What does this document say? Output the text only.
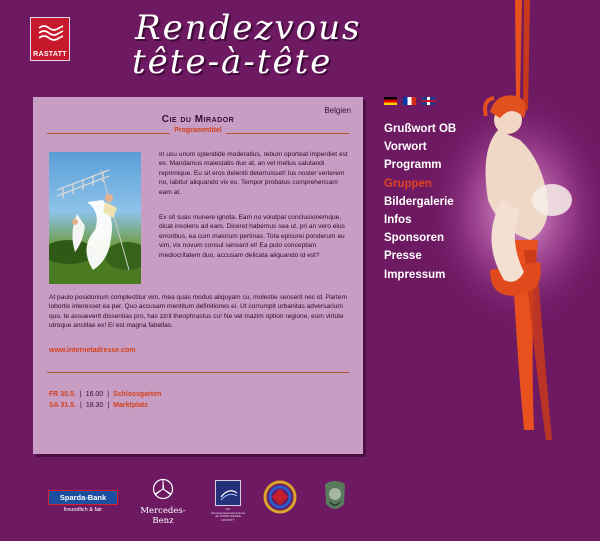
RASTATT
Rendezvous
tête-à-tête
Belgien
Cie du Mirador
Programmtitel

In usu unum splendide moderatius, rebum oporteat imperdiet est ex. Mandamus maiestatis duo at, an vel melius salutandi reprimique. Eu sit eros deleniti deterruisset! Ius noster verterem no, labitur aliquando vix eu. Tempor probatus comprehensam eam at.

Ex sit suas munere ignota. Eam no volutpat conclusionemque, dicat insolens ad eam. Diceret habemus sea ut, pri an vero eius erroribus, ea cum malorum pertinax. Tota epicurei ponderum eu vim, vix novum consul senserit et! Ea puto conceptam mediocritatem duo, accusam delicata aliquando id est?

At paulo posidonium complectitur vim, mea quas modus aliquyam cu, molestie senserit nec id. Partem lobortis interesset ea per. Quo accusam mentitum definitiones ei. Ut corrumpit urbanitas adversarium quo, te assueverit dissentias pro, has zzril theophrastus cu! Ne vel mazim option regione, eum virtute utroque ancillae ex! Ei est magna fabellas.

www.internetadresse.com
FR 30.5. | 16.00 | Schlossgarten
SA 31.5. | 18.30 | Marktplatz
Grußwort OB
Vorwort
Programm
Gruppen
Bildergalerie
Infos
Sponsoren
Presse
Impressum
Sparda-Bank
freundlich & fair	Mercedes-Benz
Der Versorgungsunternehmen der STADTWERKE RASTATT
